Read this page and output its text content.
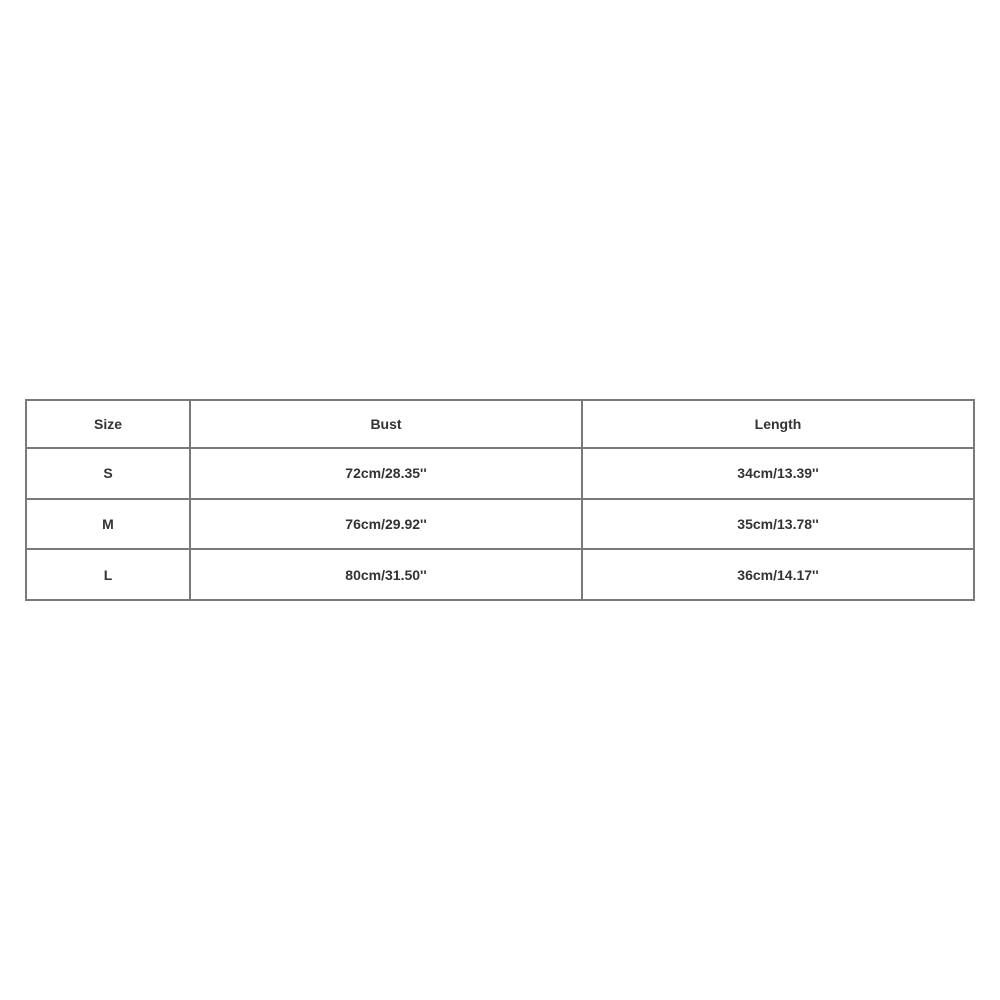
Size	Bust	Length
S	72cm/28.35''	34cm/13.39''
M	76cm/29.92''	35cm/13.78''
L	80cm/31.50''	36cm/14.17''
